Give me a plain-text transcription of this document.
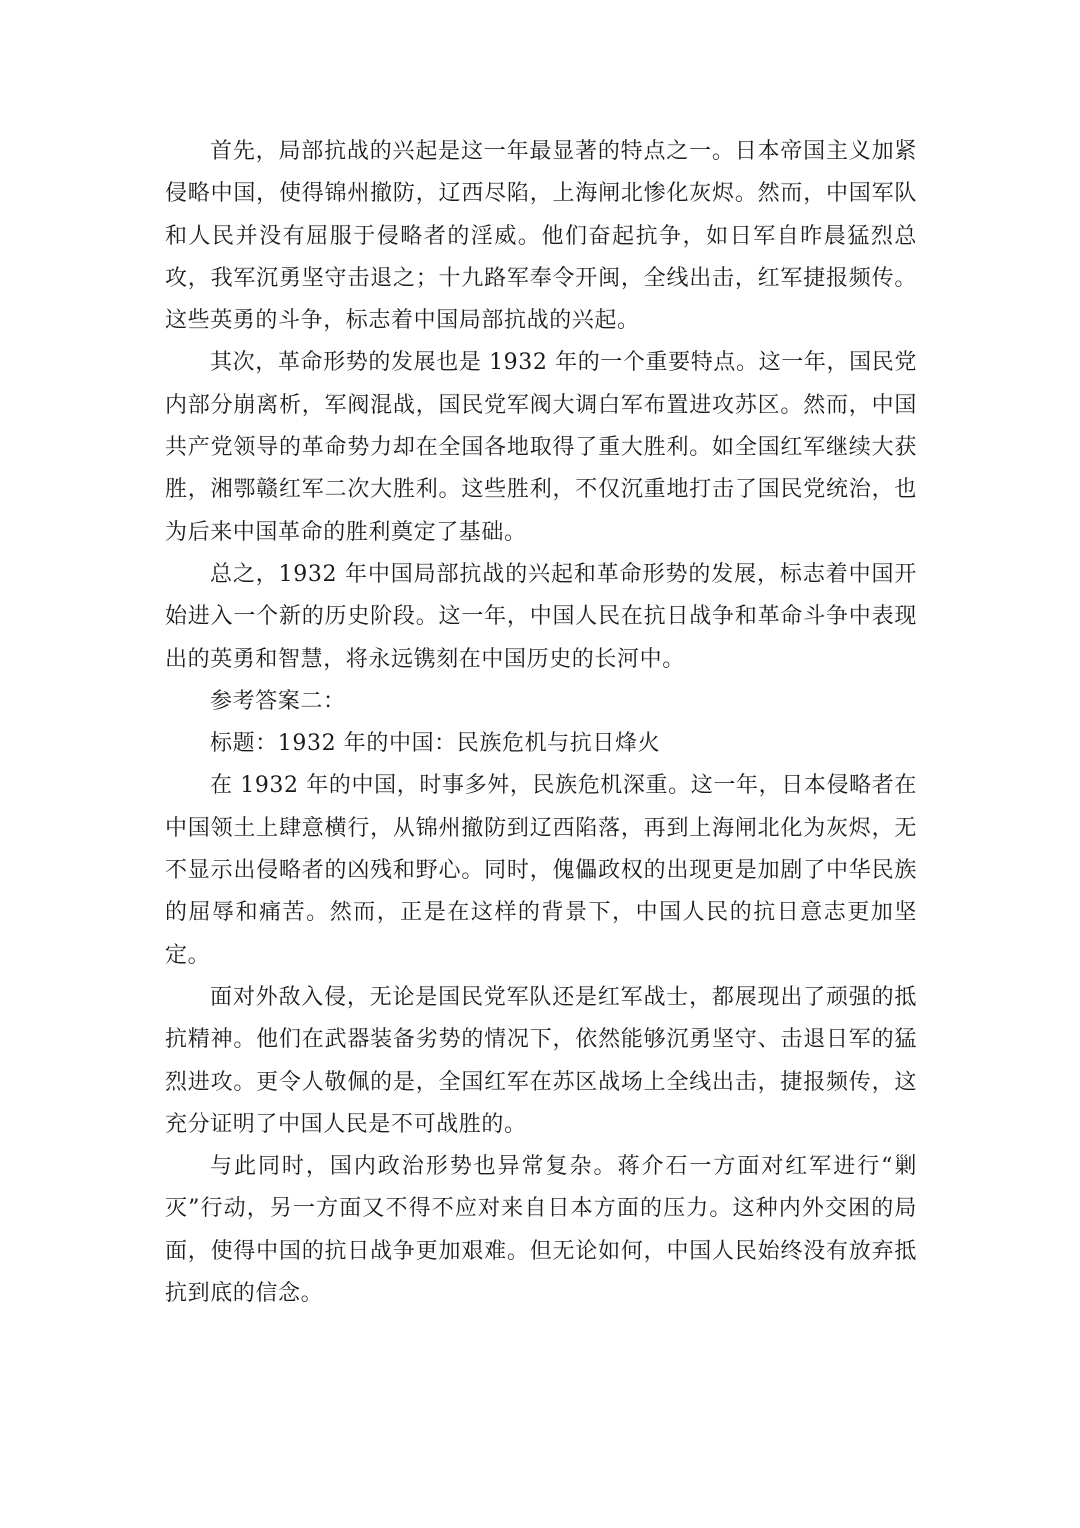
首先，局部抗战的兴起是这一年最显著的特点之一。日本帝国主义加紧侵略中国，使得锦州撤防，辽西尽陷，上海闸北惨化灰烬。然而，中国军队和人民并没有屈服于侵略者的淫威。他们奋起抗争，如日军自昨晨猛烈总攻，我军沉勇坚守击退之；十九路军奉令开闽，全线出击，红军捷报频传。这些英勇的斗争，标志着中国局部抗战的兴起。

其次，革命形势的发展也是 1932 年的一个重要特点。这一年，国民党内部分崩离析，军阀混战，国民党军阀大调白军布置进攻苏区。然而，中国共产党领导的革命势力却在全国各地取得了重大胜利。如全国红军继续大获胜，湘鄂赣红军二次大胜利。这些胜利，不仅沉重地打击了国民党统治，也为后来中国革命的胜利奠定了基础。

总之，1932 年中国局部抗战的兴起和革命形势的发展，标志着中国开始进入一个新的历史阶段。这一年，中国人民在抗日战争和革命斗争中表现出的英勇和智慧，将永远镌刻在中国历史的长河中。

参考答案二：

标题：1932 年的中国：民族危机与抗日烽火

在 1932 年的中国，时事多舛，民族危机深重。这一年，日本侵略者在中国领土上肆意横行，从锦州撤防到辽西陷落，再到上海闸北化为灰烬，无不显示出侵略者的凶残和野心。同时，傀儡政权的出现更是加剧了中华民族的屈辱和痛苦。然而，正是在这样的背景下，中国人民的抗日意志更加坚定。

面对外敌入侵，无论是国民党军队还是红军战士，都展现出了顽强的抵抗精神。他们在武器装备劣势的情况下，依然能够沉勇坚守、击退日军的猛烈进攻。更令人敬佩的是，全国红军在苏区战场上全线出击，捷报频传，这充分证明了中国人民是不可战胜的。

与此同时，国内政治形势也异常复杂。蒋介石一方面对红军进行“剿灭”行动，另一方面又不得不应对来自日本方面的压力。这种内外交困的局面，使得中国的抗日战争更加艰难。但无论如何，中国人民始终没有放弃抵抗到底的信念。
